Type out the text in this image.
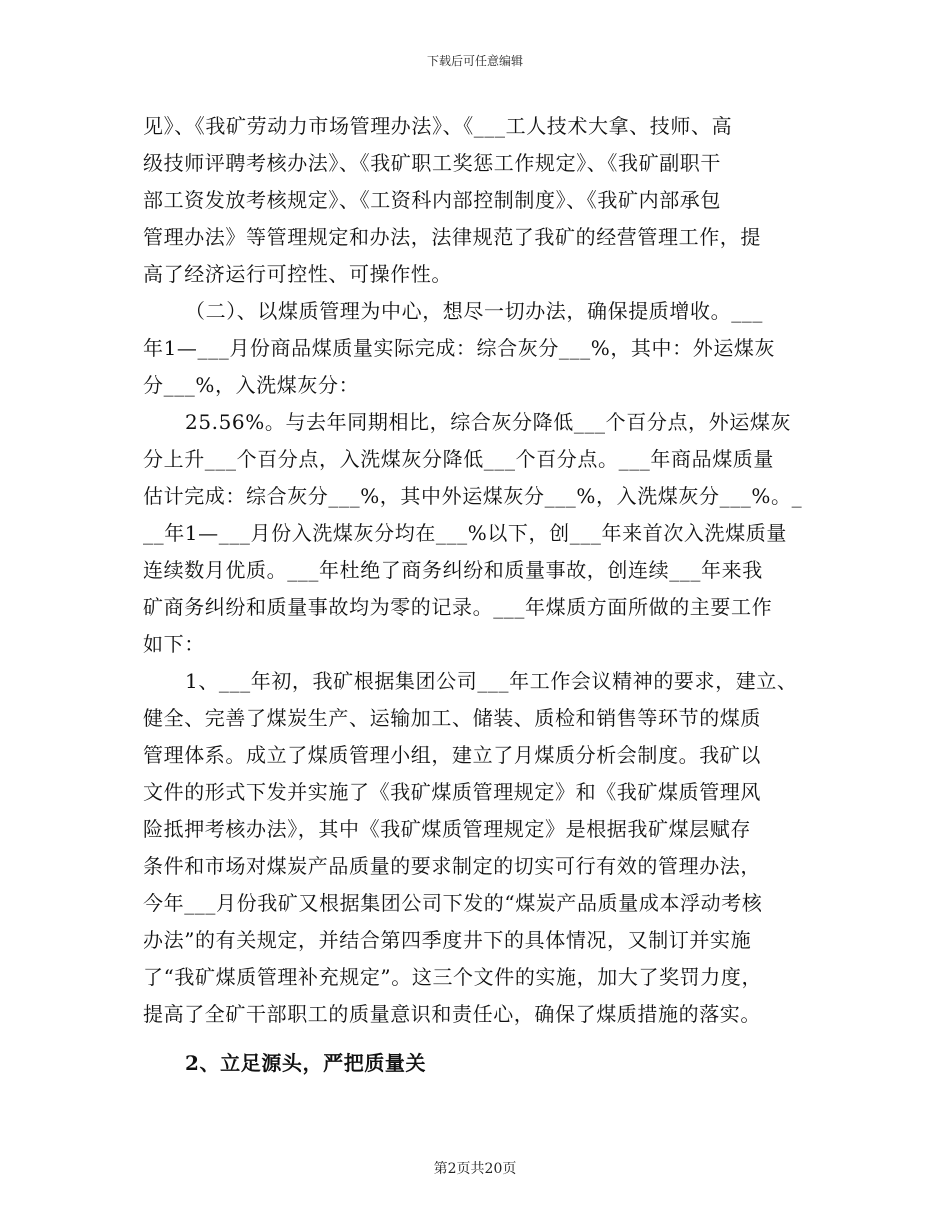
下载后可任意编辑
见》、《我矿劳动力市场管理办法》、《___工人技术大拿、技师、高
级技师评聘考核办法》、《我矿职工奖惩工作规定》、《我矿副职干
部工资发放考核规定》、《工资科内部控制制度》、《我矿内部承包
管理办法》等管理规定和办法，法律规范了我矿的经营管理工作，提
高了经济运行可控性、可操作性。
（二）、以煤质管理为中心，想尽一切办法，确保提质增收。___
年1—___月份商品煤质量实际完成：综合灰分___%，其中：外运煤灰
分___%，入洗煤灰分：
25.56%。与去年同期相比，综合灰分降低___个百分点，外运煤灰
分上升___个百分点，入洗煤灰分降低___个百分点。___年商品煤质量
估计完成：综合灰分___%，其中外运煤灰分___%，入洗煤灰分___%。_
__年1—___月份入洗煤灰分均在___%以下，创___年来首次入洗煤质量
连续数月优质。___年杜绝了商务纠纷和质量事故，创连续___年来我
矿商务纠纷和质量事故均为零的记录。___年煤质方面所做的主要工作
如下：
1、___年初，我矿根据集团公司___年工作会议精神的要求，建立、
健全、完善了煤炭生产、运输加工、储装、质检和销售等环节的煤质
管理体系。成立了煤质管理小组，建立了月煤质分析会制度。我矿以
文件的形式下发并实施了《我矿煤质管理规定》和《我矿煤质管理风
险抵押考核办法》，其中《我矿煤质管理规定》是根据我矿煤层赋存
条件和市场对煤炭产品质量的要求制定的切实可行有效的管理办法，
今年___月份我矿又根据集团公司下发的“煤炭产品质量成本浮动考核
办法”的有关规定，并结合第四季度井下的具体情况，又制订并实施
了“我矿煤质管理补充规定”。这三个文件的实施，加大了奖罚力度，
提高了全矿干部职工的质量意识和责任心，确保了煤质措施的落实。
2、立足源头，严把质量关
第2页共20页
